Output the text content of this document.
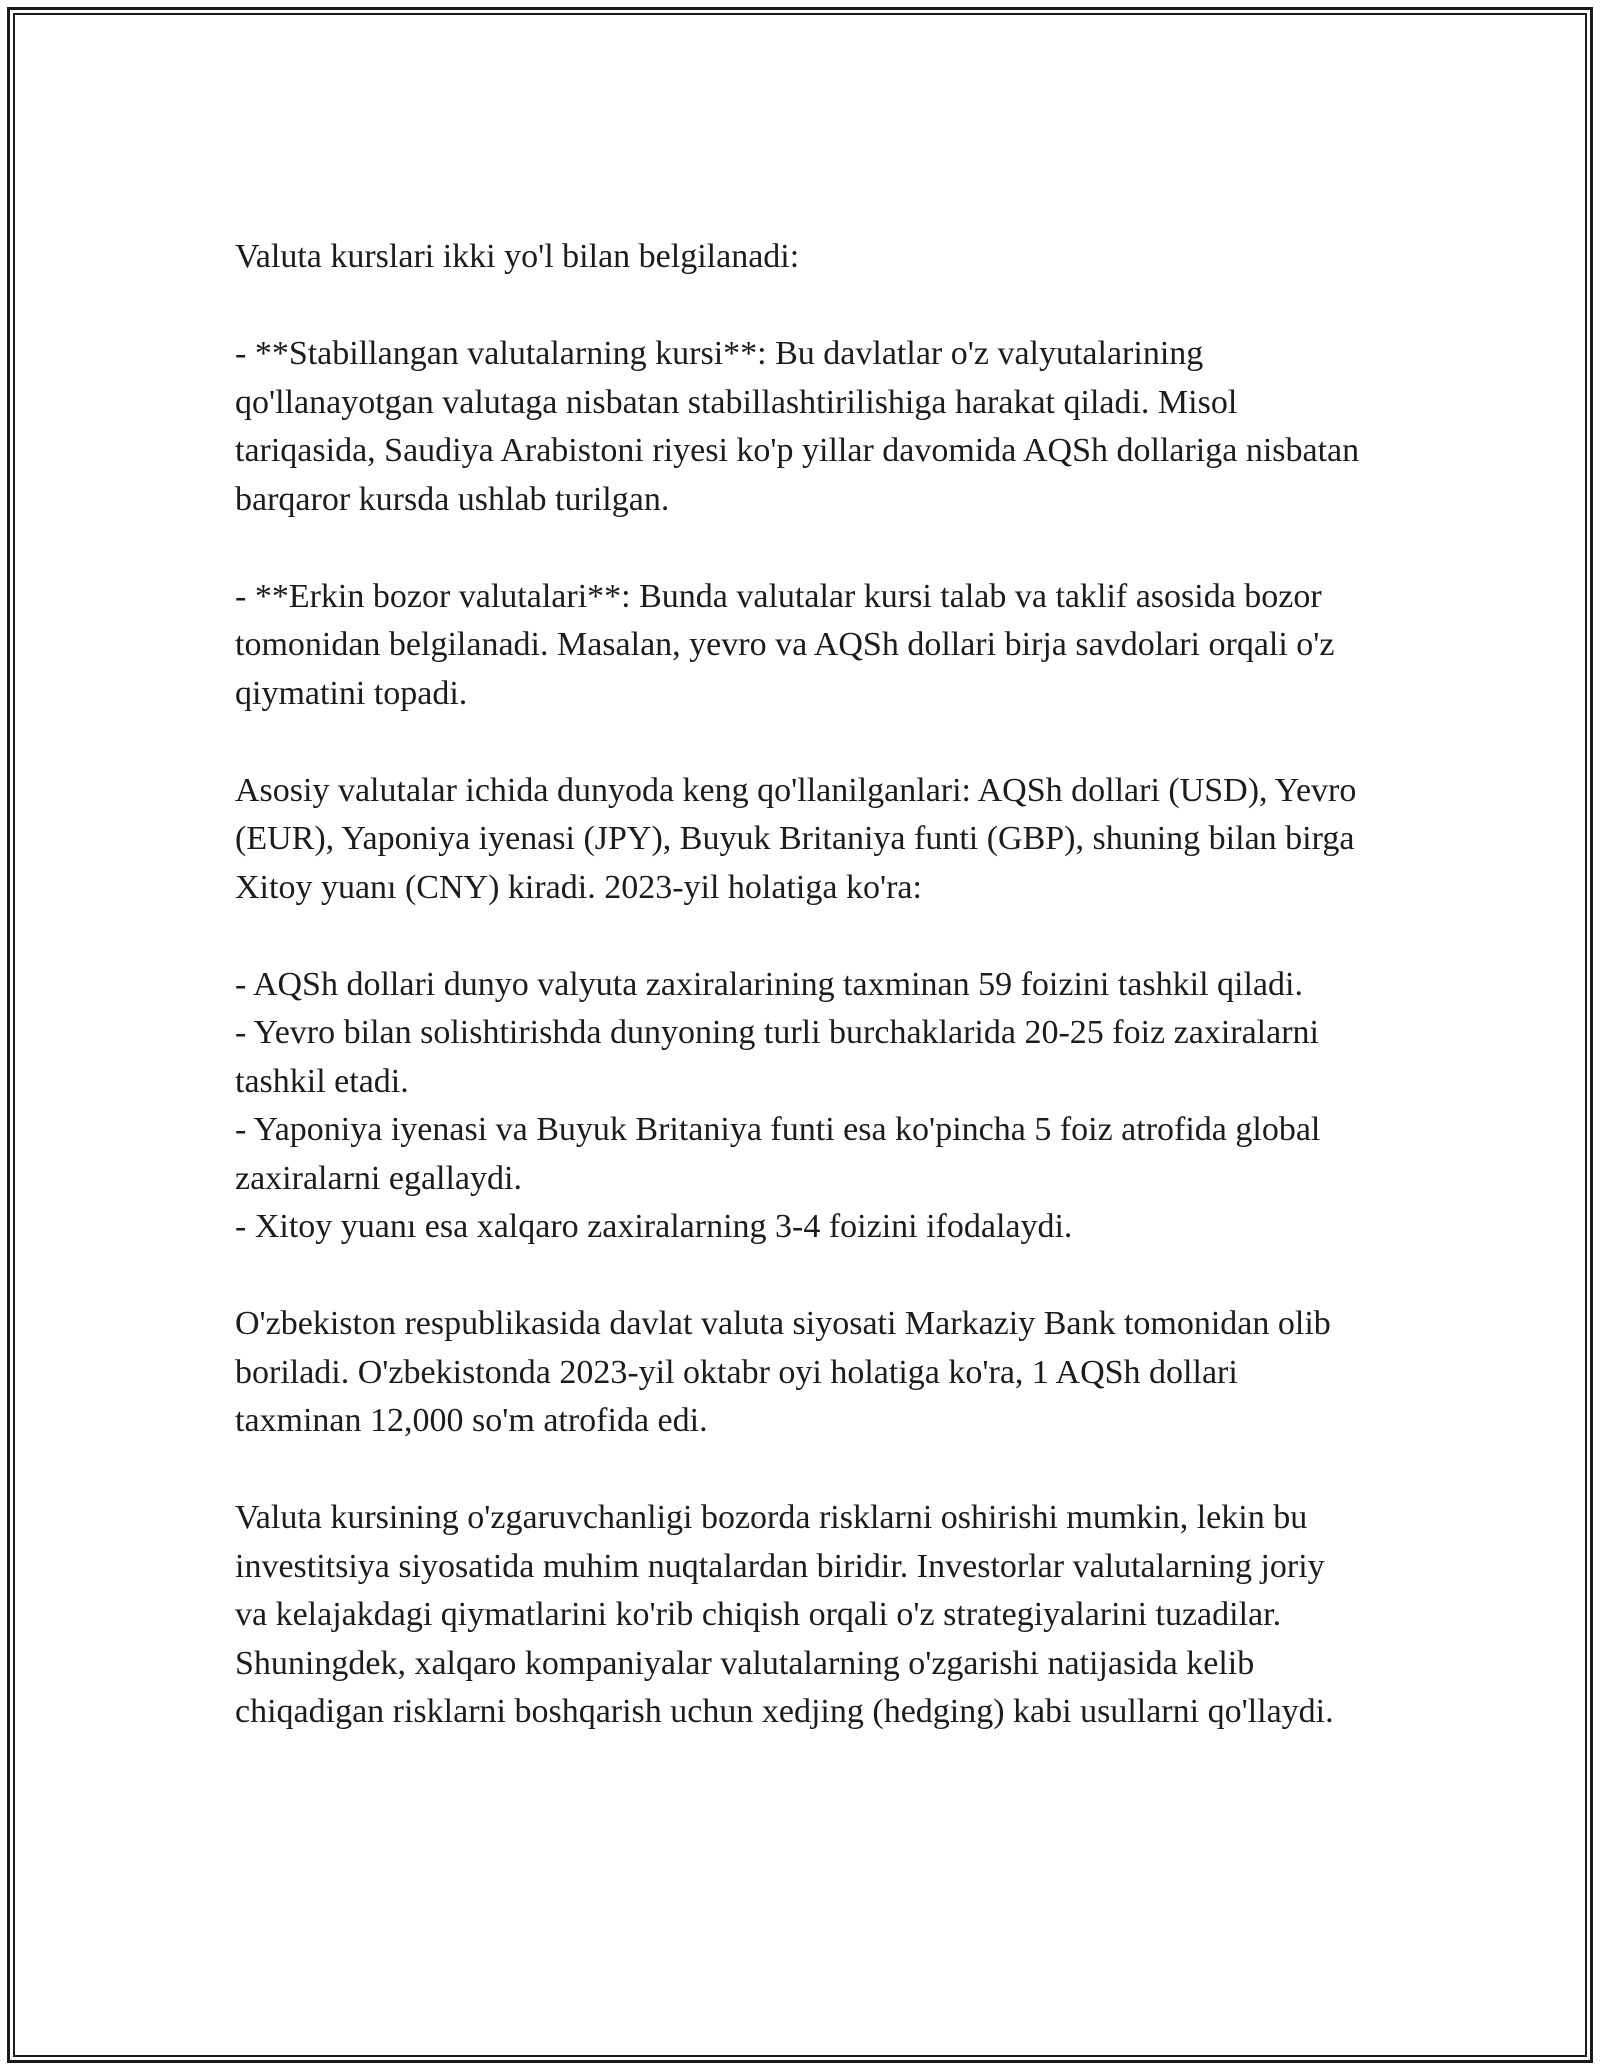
Valuta kurslari ikki yo'l bilan belgilanadi:

- **Stabillangan valutalarning kursi**: Bu davlatlar o'z valyutalarining qo'llanayotgan valutaga nisbatan stabillashtirilishiga harakat qiladi. Misol tariqasida, Saudiya Arabistoni riyesi ko'p yillar davomida AQSh dollariga nisbatan barqaror kursda ushlab turilgan.

- **Erkin bozor valutalari**: Bunda valutalar kursi talab va taklif asosida bozor tomonidan belgilanadi. Masalan, yevro va AQSh dollari birja savdolari orqali o'z qiymatini topadi.

Asosiy valutalar ichida dunyoda keng qo'llanilganlari: AQSh dollari (USD), Yevro (EUR), Yaponiya iyenasi (JPY), Buyuk Britaniya funti (GBP), shuning bilan birga Xitoy yuanı (CNY) kiradi. 2023-yil holatiga ko'ra:

- AQSh dollari dunyo valyuta zaxiralarining taxminan 59 foizini tashkil qiladi.

- Yevro bilan solishtirishda dunyoning turli burchaklarida 20-25 foiz zaxiralarni tashkil etadi.

- Yaponiya iyenasi va Buyuk Britaniya funti esa ko'pincha 5 foiz atrofida global zaxiralarni egallaydi.

- Xitoy yuanı esa xalqaro zaxiralarning 3-4 foizini ifodalaydi.

O'zbekiston respublikasida davlat valuta siyosati Markaziy Bank tomonidan olib boriladi. O'zbekistonda 2023-yil oktabr oyi holatiga ko'ra, 1 AQSh dollari taxminan 12,000 so'm atrofida edi.

Valuta kursining o'zgaruvchanligi bozorda risklarni oshirishi mumkin, lekin bu investitsiya siyosatida muhim nuqtalardan biridir. Investorlar valutalarning joriy va kelajakdagi qiymatlarini ko'rib chiqish orqali o'z strategiyalarini tuzadilar. Shuningdek, xalqaro kompaniyalar valutalarning o'zgarishi natijasida kelib chiqadigan risklarni boshqarish uchun xedjing (hedging) kabi usullarni qo'llaydi.
